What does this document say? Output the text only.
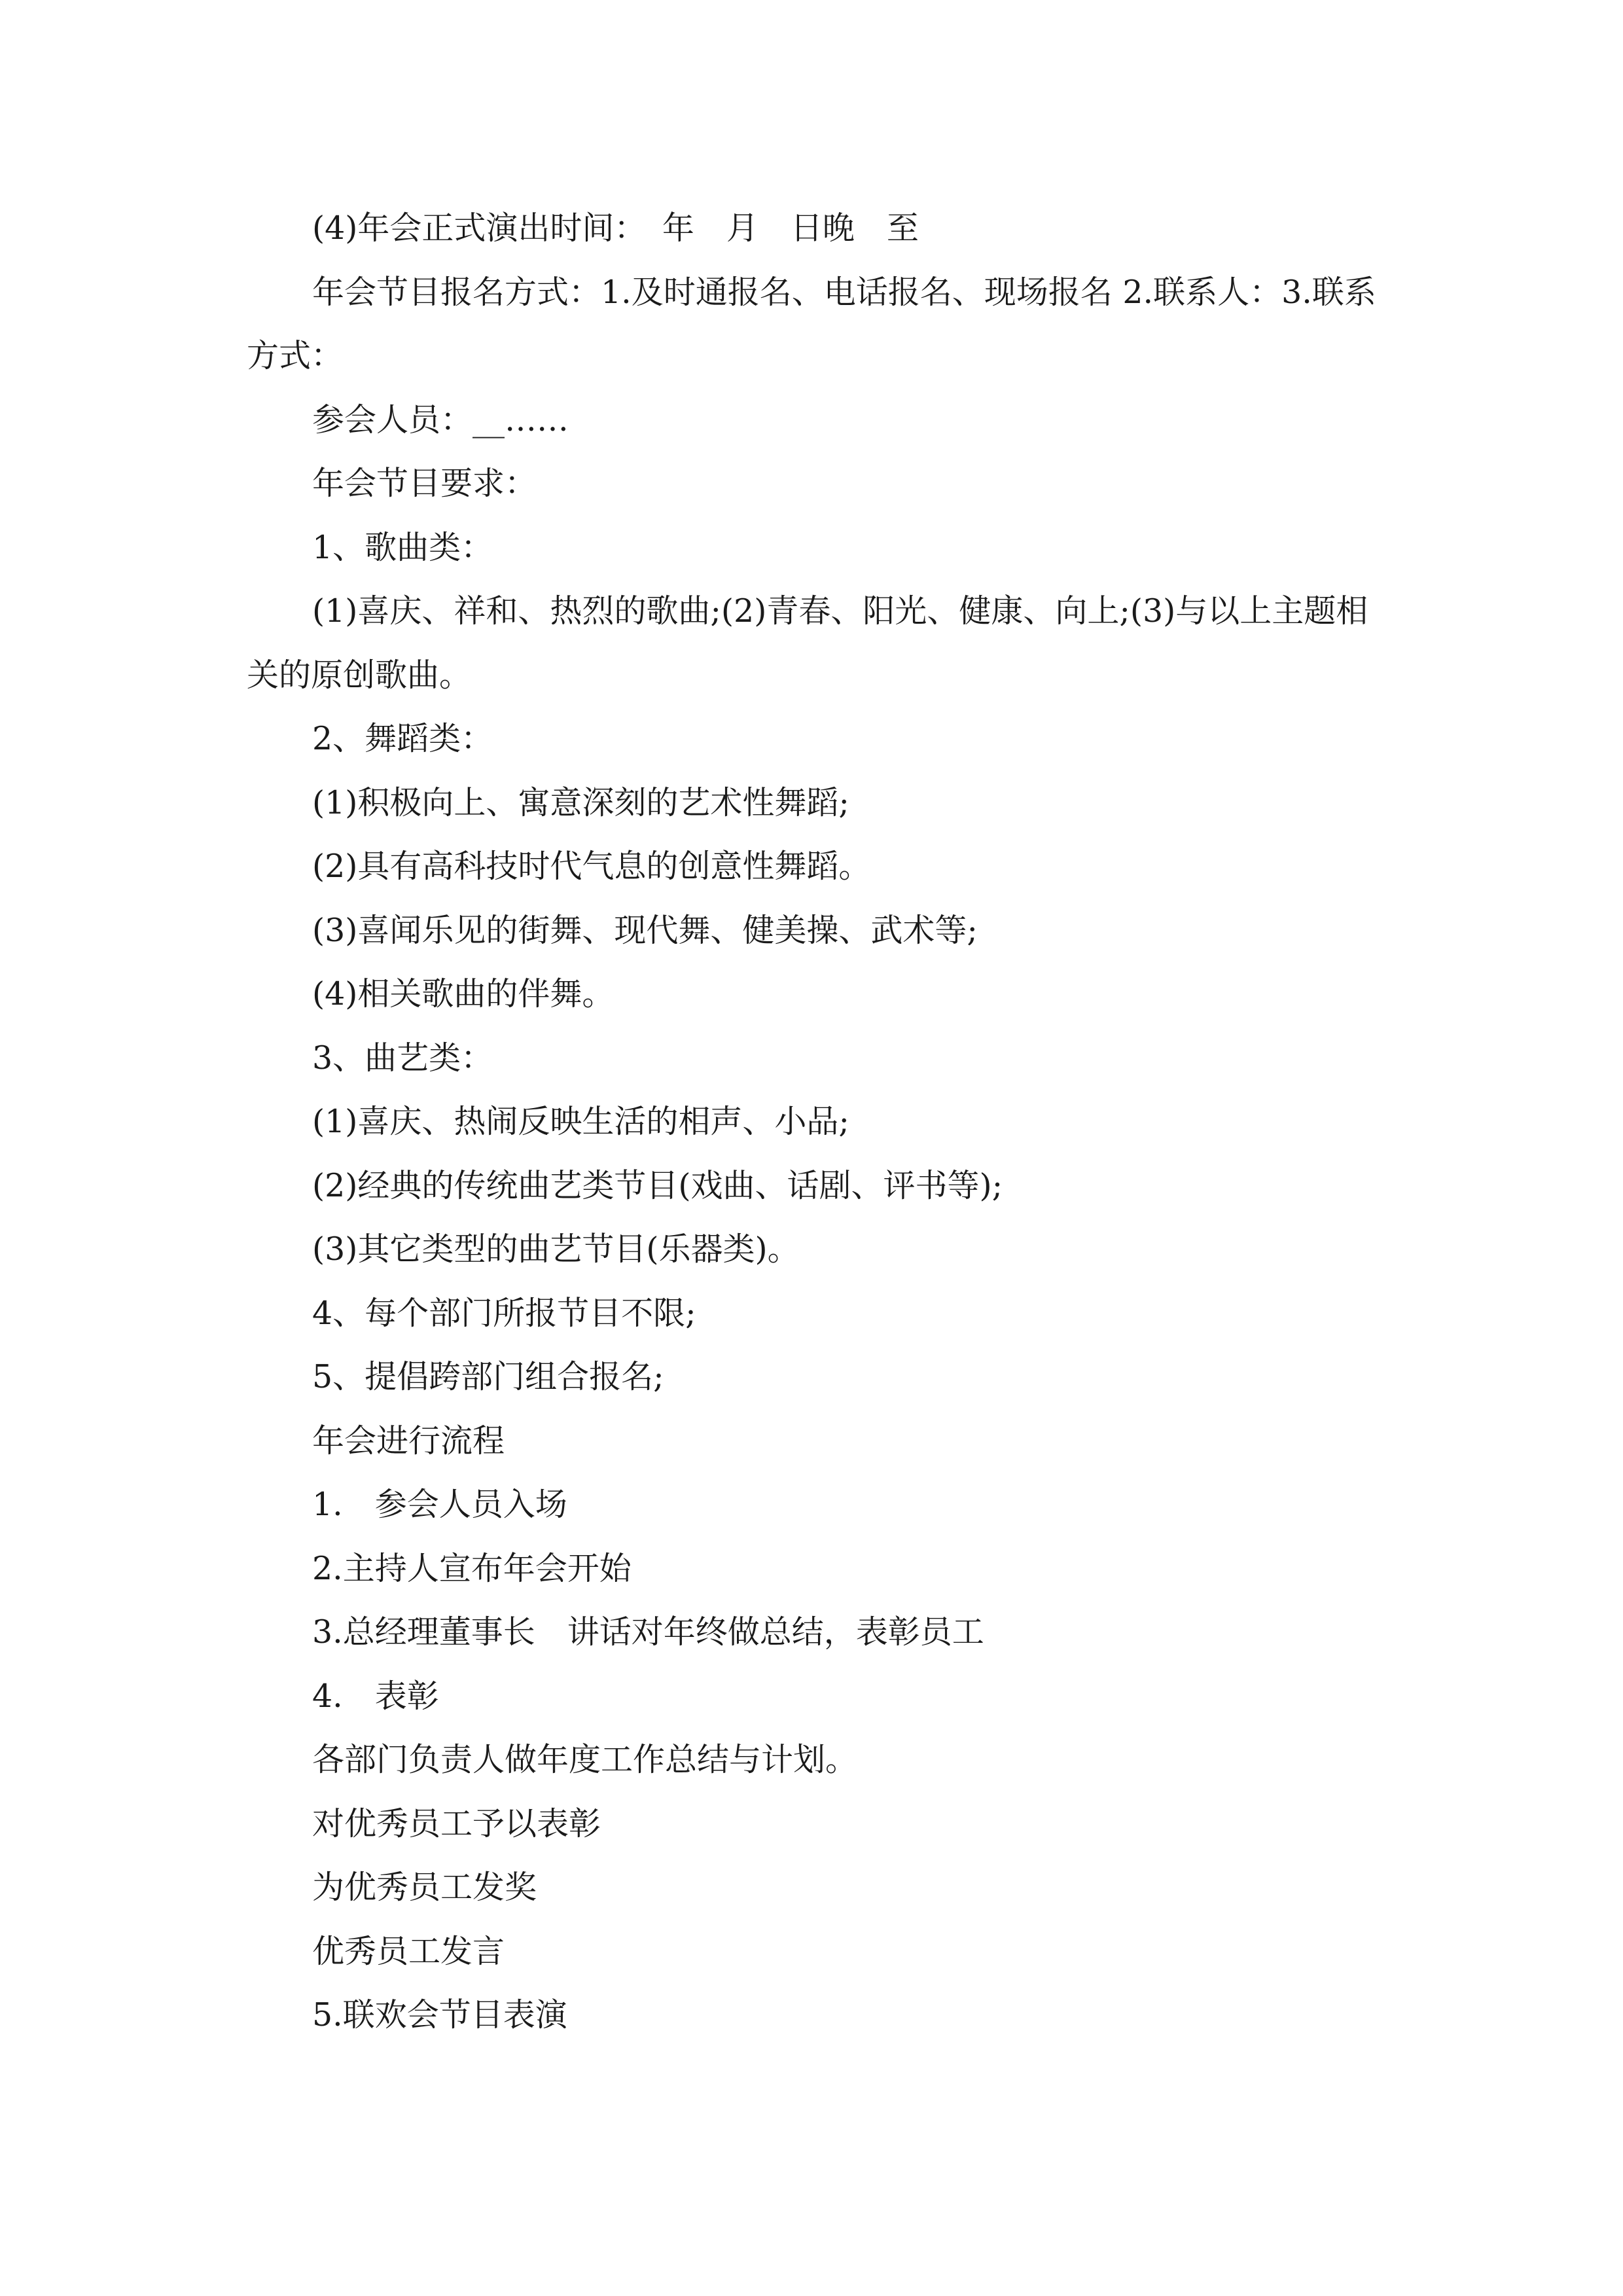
(4)年会正式演出时间：　年　月　日晚　至

年会节目报名方式：1.及时通报名、电话报名、现场报名 2.联系人：3.联系方式：

参会人员：__……

年会节目要求：

1、歌曲类：

(1)喜庆、祥和、热烈的歌曲;(2)青春、阳光、健康、向上;(3)与以上主题相关的原创歌曲。

2、舞蹈类：

(1)积极向上、寓意深刻的艺术性舞蹈;

(2)具有高科技时代气息的创意性舞蹈。

(3)喜闻乐见的街舞、现代舞、健美操、武术等;

(4)相关歌曲的伴舞。

3、曲艺类：

(1)喜庆、热闹反映生活的相声、小品;

(2)经典的传统曲艺类节目(戏曲、话剧、评书等);

(3)其它类型的曲艺节目(乐器类)。

4、每个部门所报节目不限;

5、提倡跨部门组合报名;

年会进行流程

1.　参会人员入场

2.主持人宣布年会开始

3.总经理董事长　讲话对年终做总结，表彰员工

4.　表彰

各部门负责人做年度工作总结与计划。

对优秀员工予以表彰

为优秀员工发奖

优秀员工发言

5.联欢会节目表演
